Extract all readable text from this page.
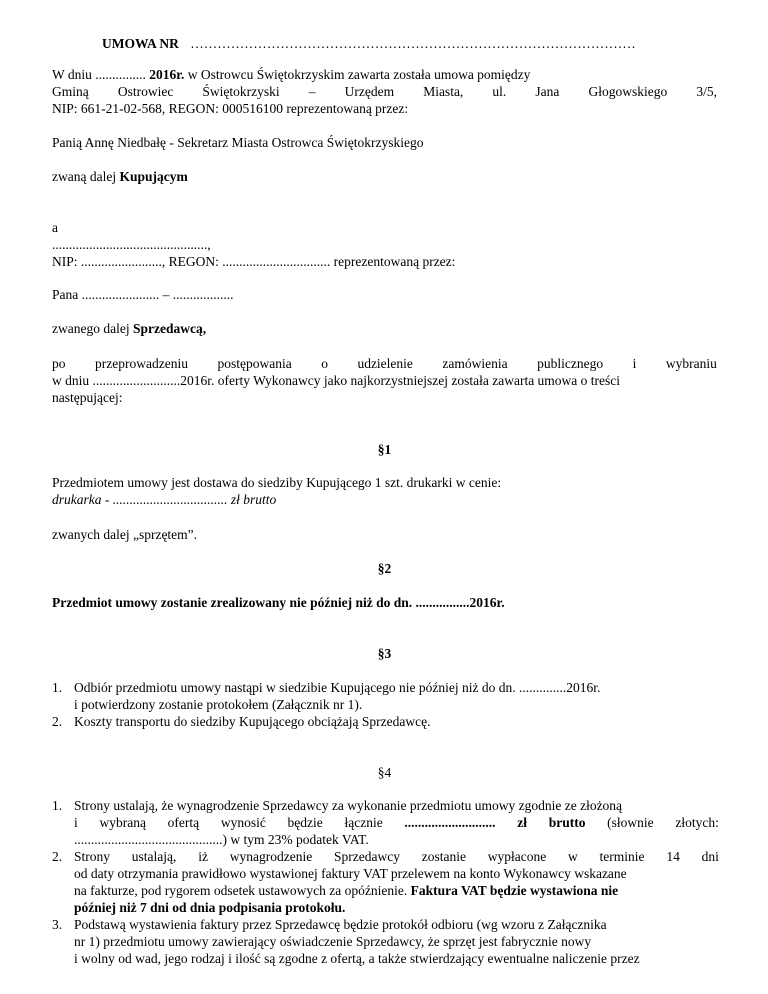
UMOWA NR ………………………………………………………………………………………
W dniu ............... 2016r. w Ostrowcu Świętokrzyskim zawarta została umowa pomiędzy
Gminą Ostrowiec Świętokrzyski – Urzędem Miasta, ul. Jana Głogowskiego 3/5,
NIP: 661-21-02-568, REGON: 000516100 reprezentowaną przez:
Panią Annę Niedbałę - Sekretarz Miasta Ostrowca Świętokrzyskiego
zwaną dalej Kupującym
a
..............................................,
NIP: ........................, REGON: ................................ reprezentowaną przez:
Pana ....................... – ..................
zwanego dalej Sprzedawcą,
po przeprowadzeniu postępowania o udzielenie zamówienia publicznego i wybraniu
w dniu ..........................2016r. oferty Wykonawcy jako najkorzystniejszej została zawarta umowa o treści
następującej:
§1
Przedmiotem umowy jest dostawa do siedziby Kupującego 1 szt. drukarki w cenie:
drukarka - .................................. zł brutto
zwanych dalej „sprzętem”.
§2
Przedmiot umowy zostanie zrealizowany nie później niż do dn. ................2016r.
§3
1. Odbiór przedmiotu umowy nastąpi w siedzibie Kupującego nie później niż do dn. ..............2016r.
i potwierdzony zostanie protokołem (Załącznik nr 1).
2. Koszty transportu do siedziby Kupującego obciążają Sprzedawcę.
§4
1. Strony ustalają, że wynagrodzenie Sprzedawcy za wykonanie przedmiotu umowy zgodnie ze złożoną
i wybraną ofertą wynosić będzie łącznie ........................... zł brutto (słownie złotych:
............................................) w tym 23% podatek VAT.
2. Strony ustalają, iż wynagrodzenie Sprzedawcy zostanie wypłacone w terminie 14 dni
od daty otrzymania prawidłowo wystawionej faktury VAT przelewem na konto Wykonawcy wskazane
na fakturze, pod rygorem odsetek ustawowych za opóźnienie. Faktura VAT będzie wystawiona nie
później niż 7 dni od dnia podpisania protokołu.
3. Podstawą wystawienia faktury przez Sprzedawcę będzie protokół odbioru (wg wzoru z Załącznika
nr 1) przedmiotu umowy zawierający oświadczenie Sprzedawcy, że sprzęt jest fabrycznie nowy
i wolny od wad, jego rodzaj i ilość są zgodne z ofertą, a także stwierdzający ewentualne naliczenie przez
